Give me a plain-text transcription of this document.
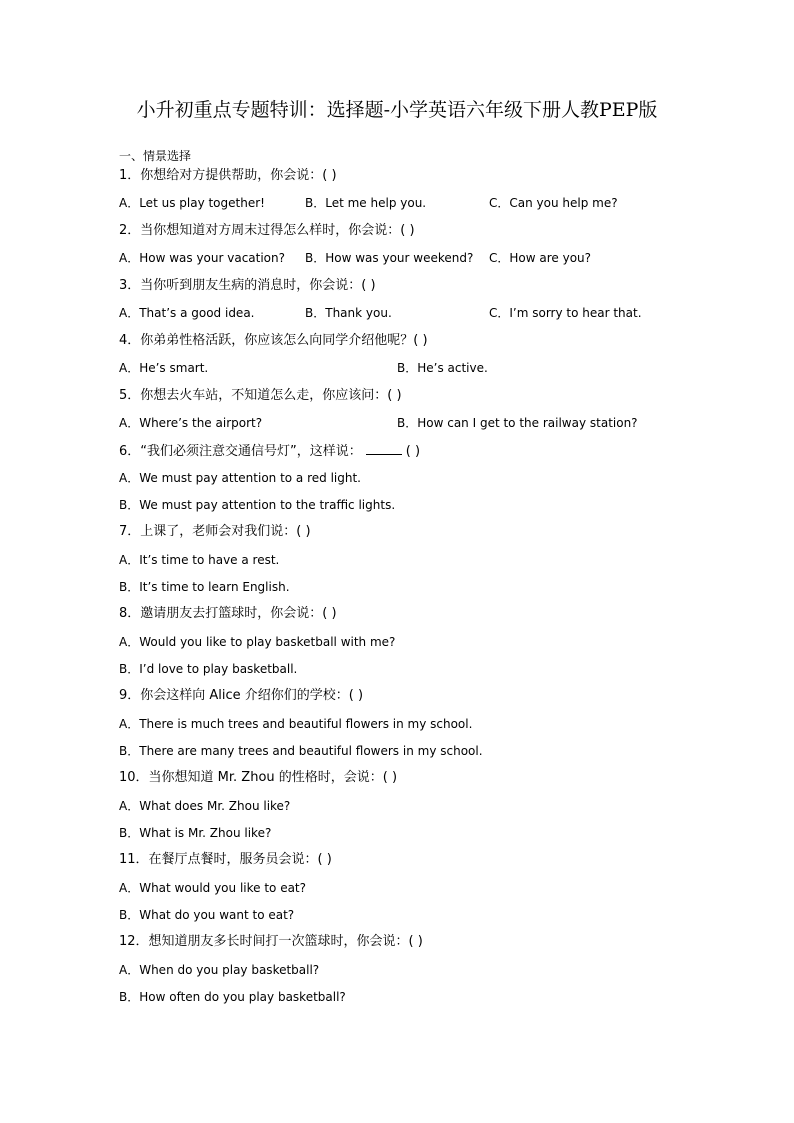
小升初重点专题特训：选择题-小学英语六年级下册人教PEP版
一、情景选择
1．你想给对方提供帮助，你会说：( )
A．Let us play together!	B．Let me help you.	C．Can you help me?
2．当你想知道对方周末过得怎么样时，你会说：( )
A．How was your vacation? B．How was your weekend? C．How are you?
3．当你听到朋友生病的消息时，你会说：( )
A．That’s a good idea.	B．Thank you.	C．I’m sorry to hear that.
4．你弟弟性格活跃，你应该怎么向同学介绍他呢？( )
A．He’s smart.	B．He’s active.
5．你想去火车站，不知道怎么走，你应该问：( )
A．Where’s the airport?	B．How can I get to the railway station?
6．“我们必须注意交通信号灯”，这样说：	( )
A．We must pay attention to a red light.
B．We must pay attention to the traffic lights.
7．上课了，老师会对我们说：( )
A．It’s time to have a rest.
B．It’s time to learn English.
8．邀请朋友去打篮球时，你会说：( )
A．Would you like to play basketball with me?
B．I’d love to play basketball.
9．你会这样向 Alice 介绍你们的学校：( )
A．There is much trees and beautiful flowers in my school.
B．There are many trees and beautiful flowers in my school.
10．当你想知道 Mr. Zhou 的性格时，会说：( )
A．What does Mr. Zhou like?
B．What is Mr. Zhou like?
11．在餐厅点餐时，服务员会说：( )
A．What would you like to eat?
B．What do you want to eat?
12．想知道朋友多长时间打一次篮球时，你会说：( )
A．When do you play basketball?
B．How often do you play basketball?
